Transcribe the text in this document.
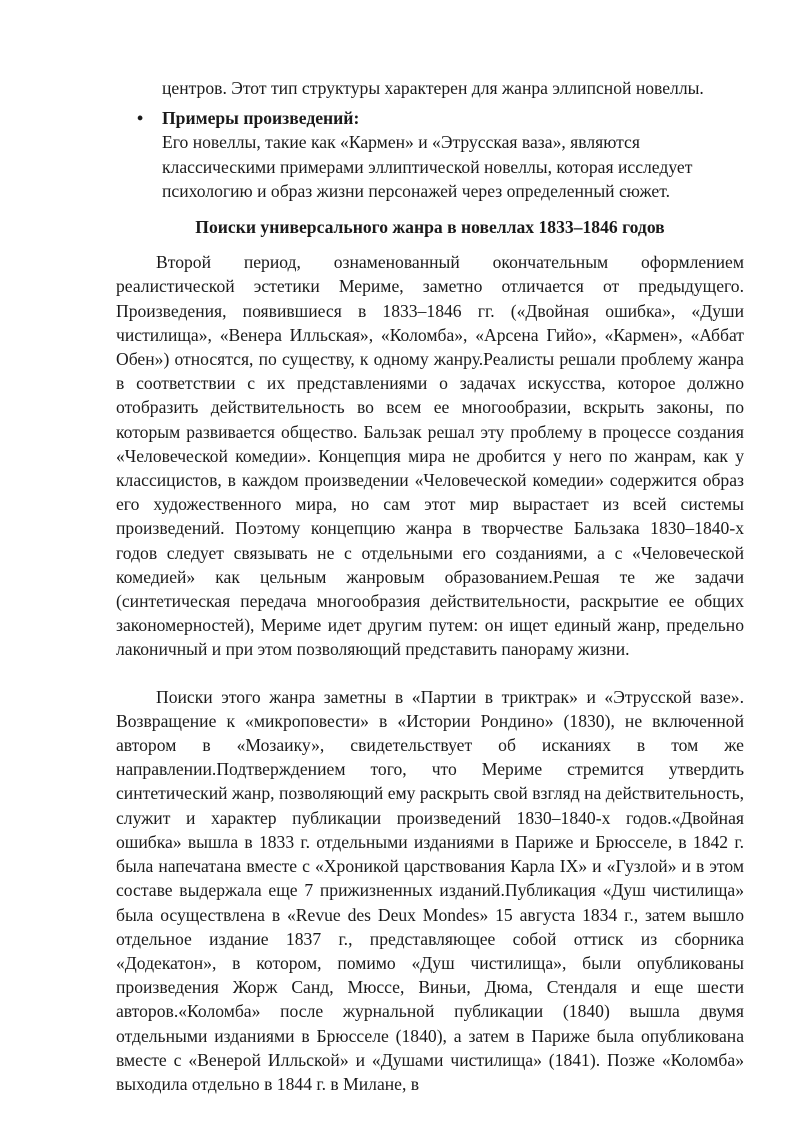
центров. Этот тип структуры характерен для жанра эллипсной новеллы.
• Примеры произведений:
Его новеллы, такие как «Кармен» и «Этрусская ваза», являются классическими примерами эллиптической новеллы, которая исследует психологию и образ жизни персонажей через определенный сюжет.
Поиски универсального жанра в новеллах 1833–1846 годов

Второй период, ознаменованный окончательным оформлением реалистической эстетики Мериме, заметно отличается от предыдущего. Произведения, появившиеся в 1833–1846 гг. («Двойная ошибка», «Души чистилища», «Венера Илльская», «Коломба», «Арсена Гийо», «Кармен», «Аббат Обен») относятся, по существу, к одному жанру.Реалисты решали проблему жанра в соответствии с их представлениями о задачах искусства, которое должно отобразить действительность во всем ее многообразии, вскрыть законы, по которым развивается общество. Бальзак решал эту проблему в процессе создания «Человеческой комедии». Концепция мира не дробится у него по жанрам, как у классицистов, в каждом произведении «Человеческой комедии» содержится образ его художественного мира, но сам этот мир вырастает из всей системы произведений. Поэтому концепцию жанра в творчестве Бальзака 1830–1840-х годов следует связывать не с отдельными его созданиями, а с «Человеческой комедией» как цельным жанровым образованием.Решая те же задачи (синтетическая передача многообразия действительности, раскрытие ее общих закономерностей), Мериме идет другим путем: он ищет единый жанр, предельно лаконичный и при этом позволяющий представить панораму жизни.

Поиски этого жанра заметны в «Партии в триктрак» и «Этрусской вазе». Возвращение к «микроповести» в «Истории Рондино» (1830), не включенной автором в «Мозаику», свидетельствует об исканиях в том же направлении.Подтверждением того, что Мериме стремится утвердить синтетический жанр, позволяющий ему раскрыть свой взгляд на действительность, служит и характер публикации произведений 1830–1840-х годов.«Двойная ошибка» вышла в 1833 г. отдельными изданиями в Париже и Брюсселе, в 1842 г. была напечатана вместе с «Хроникой царствования Карла IX» и «Гузлой» и в этом составе выдержала еще 7 прижизненных изданий.Публикация «Душ чистилища» была осуществлена в «Revue des Deux Mondes» 15 августа 1834 г., затем вышло отдельное издание 1837 г., представляющее собой оттиск из сборника «Додекатон», в котором, помимо «Душ чистилища», были опубликованы произведения Жорж Санд, Мюссе, Виньи, Дюма, Стендаля и еще шести авторов.«Коломба» после журнальной публикации (1840) вышла двумя отдельными изданиями в Брюсселе (1840), а затем в Париже была опубликована вместе с «Венерой Илльской» и «Душами чистилища» (1841). Позже «Коломба» выходила отдельно в 1844 г. в Милане, в
